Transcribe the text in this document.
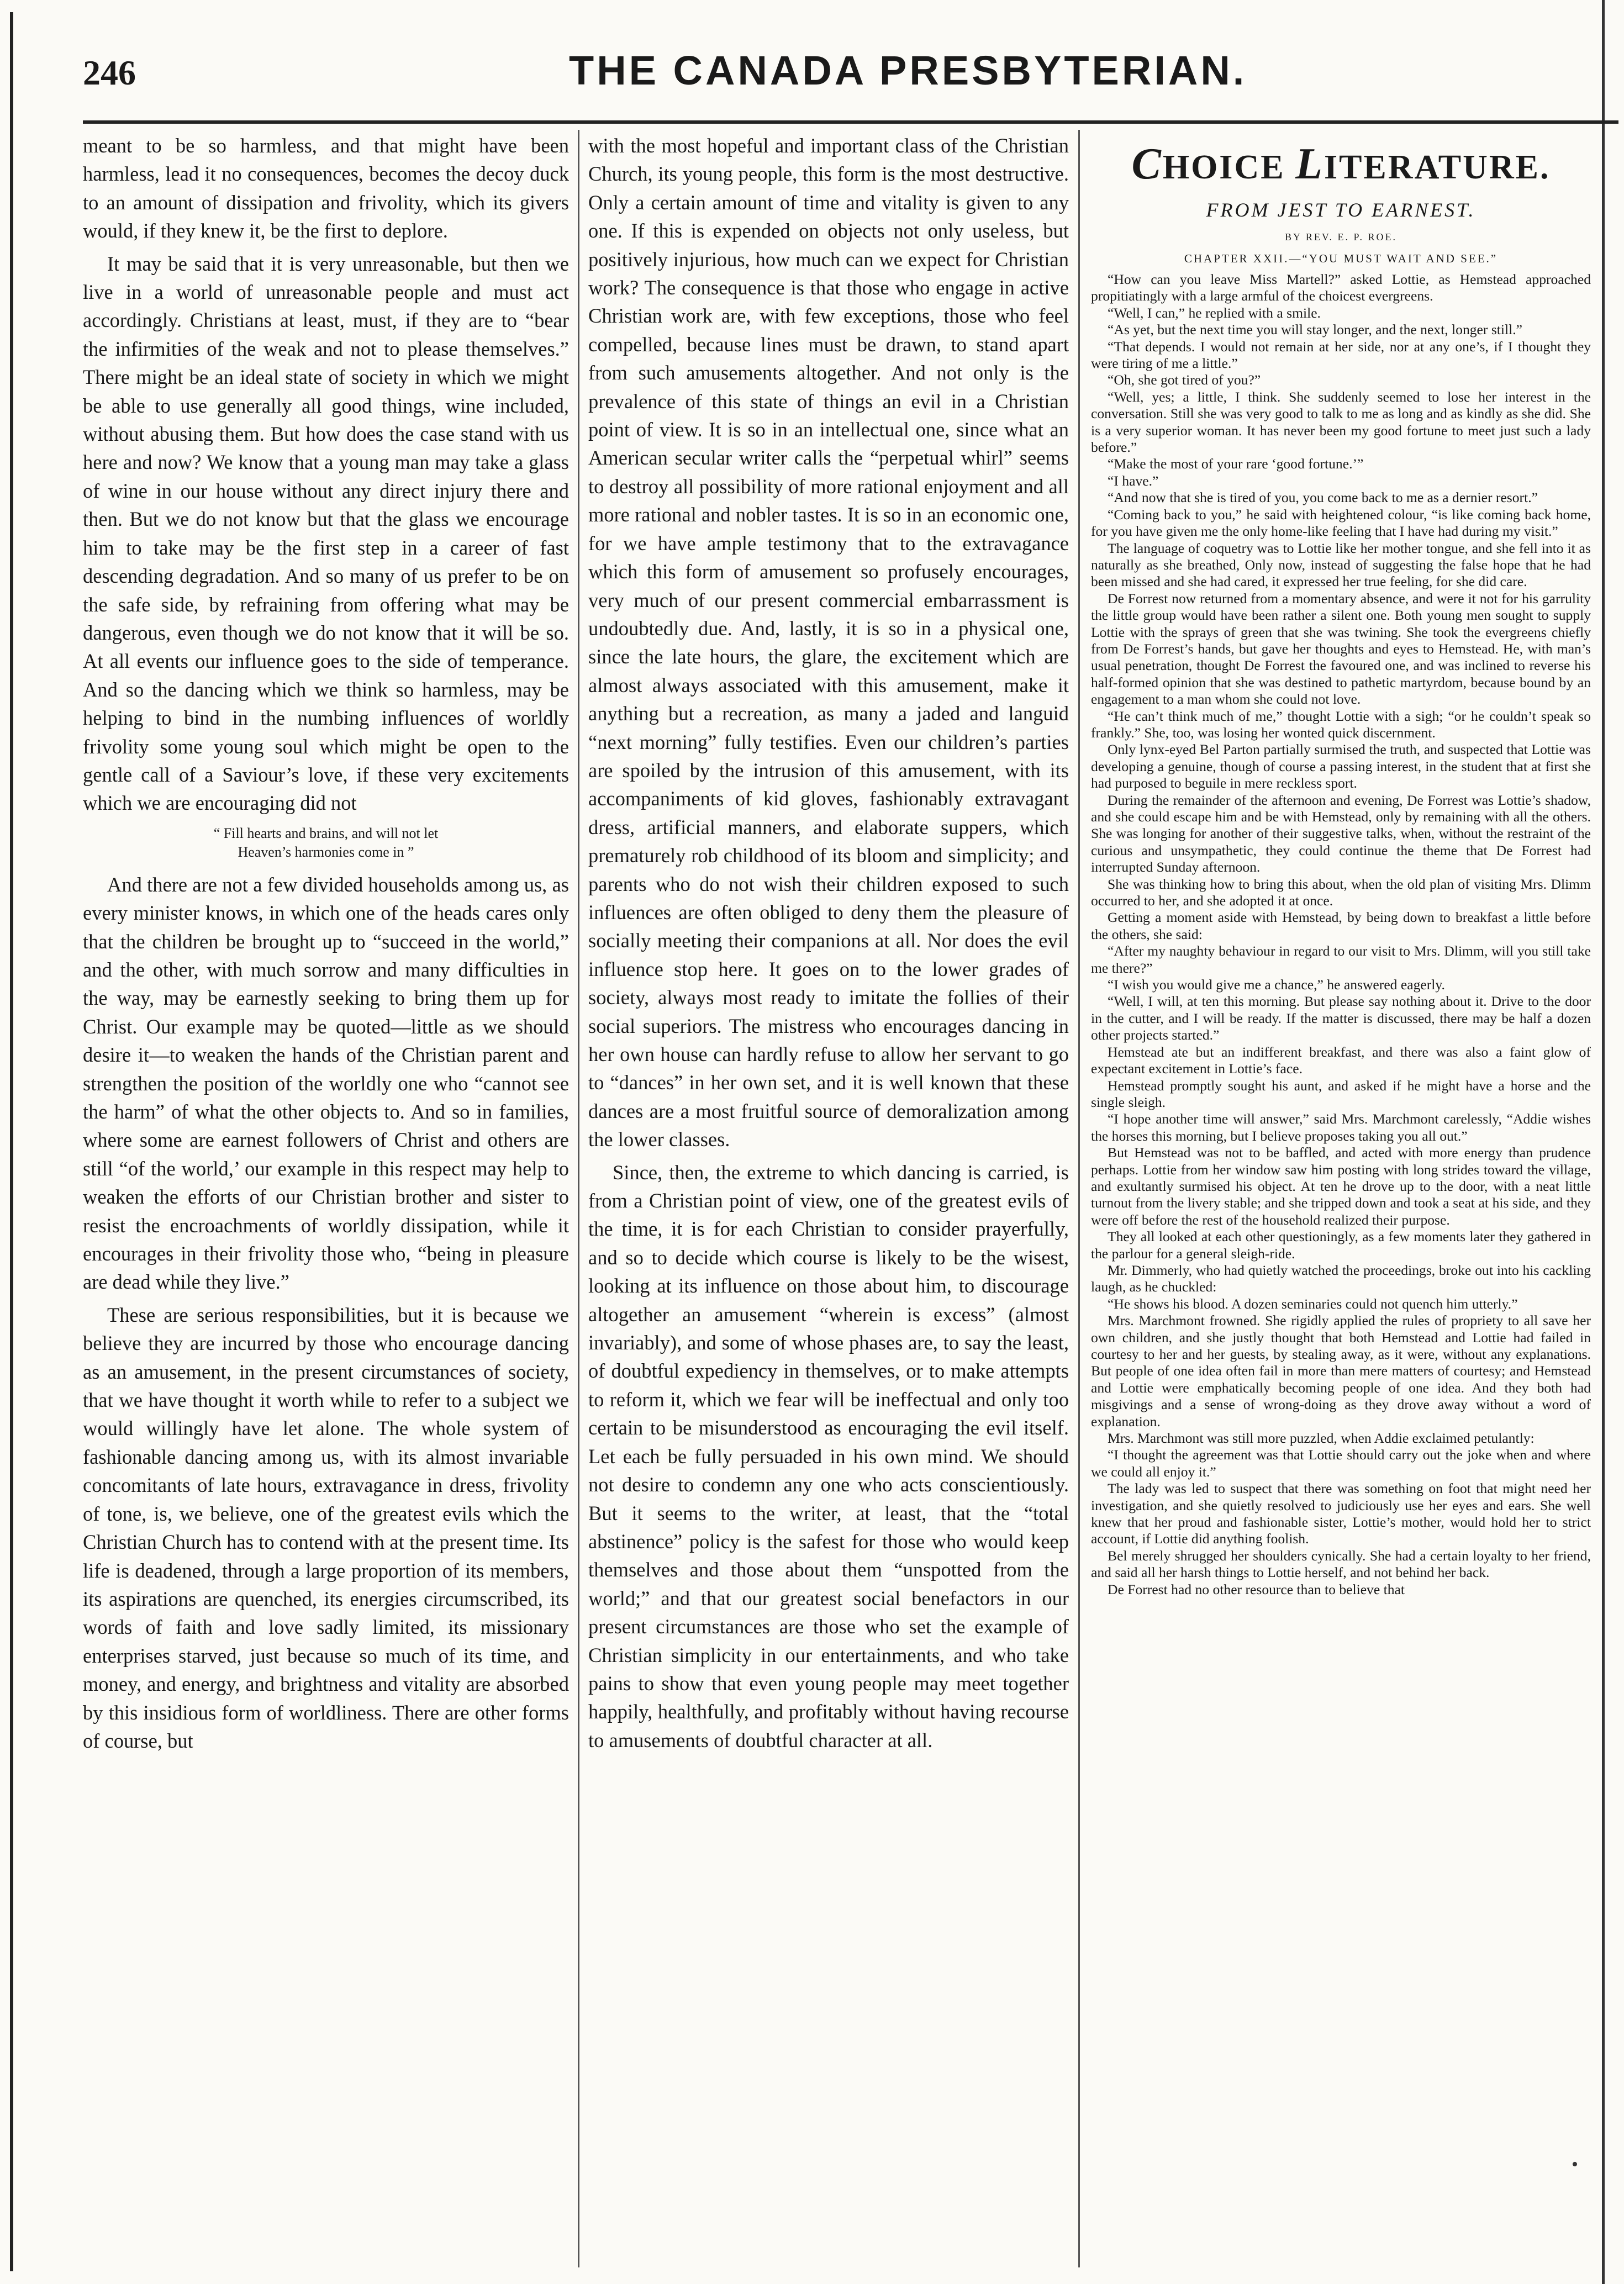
246	THE CANADA PRESBYTERIAN.

meant to be so harmless, and that might have been harmless, lead it no consequences, becomes the decoy duck to an amount of dissipation and frivolity, which its givers would, if they knew it, be the first to deplore.

It may be said that it is very unreasonable, but then we live in a world of unreasonable people and must act accordingly. Christians at least, must, if they are to “bear the infirmities of the weak and not to please themselves.” There might be an ideal state of society in which we might be able to use generally all good things, wine included, without abusing them. But how does the case stand with us here and now? We know that a young man may take a glass of wine in our house without any direct injury there and then. But we do not know but that the glass we encourage him to take may be the first step in a career of fast descending degradation. And so many of us prefer to be on the safe side, by refraining from offering what may be dangerous, even though we do not know that it will be so. At all events our influence goes to the side of temperance. And so the dancing which we think so harmless, may be helping to bind in the numbing influences of worldly frivolity some young soul which might be open to the gentle call of a Saviour’s love, if these very excitements which we are encouraging did not

“ Fill hearts and brains, and will not let
Heaven’s harmonies come in ”

And there are not a few divided households among us, as every minister knows, in which one of the heads cares only that the children be brought up to “succeed in the world,” and the other, with much sorrow and many difficulties in the way, may be earnestly seeking to bring them up for Christ. Our example may be quoted—little as we should desire it—to weaken the hands of the Christian parent and strengthen the position of the worldly one who “cannot see the harm” of what the other objects to. And so in families, where some are earnest followers of Christ and others are still “of the world,’ our example in this respect may help to weaken the efforts of our Christian brother and sister to resist the encroachments of worldly dissipation, while it encourages in their frivolity those who, “being in pleasure are dead while they live.”

These are serious responsibilities, but it is because we believe they are incurred by those who encourage dancing as an amusement, in the present circumstances of society, that we have thought it worth while to refer to a subject we would willingly have let alone. The whole system of fashionable dancing among us, with its almost invariable concomitants of late hours, extravagance in dress, frivolity of tone, is, we believe, one of the greatest evils which the Christian Church has to contend with at the present time. Its life is deadened, through a large proportion of its members, its aspirations are quenched, its energies circumscribed, its words of faith and love sadly limited, its missionary enterprises starved, just because so much of its time, and money, and energy, and brightness and vitality are absorbed by this insidious form of worldliness. There are other forms of course, but

with the most hopeful and important class of the Christian Church, its young people, this form is the most destructive. Only a certain amount of time and vitality is given to any one. If this is expended on objects not only useless, but positively injurious, how much can we expect for Christian work? The consequence is that those who engage in active Christian work are, with few exceptions, those who feel compelled, because lines must be drawn, to stand apart from such amusements altogether. And not only is the prevalence of this state of things an evil in a Christian point of view. It is so in an intellectual one, since what an American secular writer calls the “perpetual whirl” seems to destroy all possibility of more rational enjoyment and all more rational and nobler tastes. It is so in an economic one, for we have ample testimony that to the extravagance which this form of amusement so profusely encourages, very much of our present commercial embarrassment is undoubtedly due. And, lastly, it is so in a physical one, since the late hours, the glare, the excitement which are almost always associated with this amusement, make it anything but a recreation, as many a jaded and languid “next morning” fully testifies. Even our children’s parties are spoiled by the intrusion of this amusement, with its accompaniments of kid gloves, fashionably extravagant dress, artificial manners, and elaborate suppers, which prematurely rob childhood of its bloom and simplicity; and parents who do not wish their children exposed to such influences are often obliged to deny them the pleasure of socially meeting their companions at all. Nor does the evil influence stop here. It goes on to the lower grades of society, always most ready to imitate the follies of their social superiors. The mistress who encourages dancing in her own house can hardly refuse to allow her servant to go to “dances” in her own set, and it is well known that these dances are a most fruitful source of demoralization among the lower classes.

Since, then, the extreme to which dancing is carried, is from a Christian point of view, one of the greatest evils of the time, it is for each Christian to consider prayerfully, and so to decide which course is likely to be the wisest, looking at its influence on those about him, to discourage altogether an amusement “wherein is excess” (almost invariably), and some of whose phases are, to say the least, of doubtful expediency in themselves, or to make attempts to reform it, which we fear will be ineffectual and only too certain to be misunderstood as encouraging the evil itself. Let each be fully persuaded in his own mind. We should not desire to condemn any one who acts conscientiously. But it seems to the writer, at least, that the “total abstinence” policy is the safest for those who would keep themselves and those about them “unspotted from the world;” and that our greatest social benefactors in our present circumstances are those who set the example of Christian simplicity in our entertainments, and who take pains to show that even young people may meet together happily, healthfully, and profitably without having recourse to amusements of doubtful character at all.

CHOICE LITERATURE.
FROM JEST TO EARNEST.
BY REV. E. P. ROE.
CHAPTER XXII.—“YOU MUST WAIT AND SEE.”

“How can you leave Miss Martell?” asked Lottie, as Hemstead approached propitiatingly with a large armful of the choicest evergreens.

“Well, I can,” he replied with a smile.

“As yet, but the next time you will stay longer, and the next, longer still.”

“That depends. I would not remain at her side, nor at any one’s, if I thought they were tiring of me a little.”

“Oh, she got tired of you?”

“Well, yes; a little, I think. She suddenly seemed to lose her interest in the conversation. Still she was very good to talk to me as long and as kindly as she did. She is a very superior woman. It has never been my good fortune to meet just such a lady before.”

“Make the most of your rare ‘good fortune.’”

“I have.”

“And now that she is tired of you, you come back to me as a dernier resort.”

“Coming back to you,” he said with heightened colour, “is like coming back home, for you have given me the only home-like feeling that I have had during my visit.”

The language of coquetry was to Lottie like her mother tongue, and she fell into it as naturally as she breathed, Only now, instead of suggesting the false hope that he had been missed and she had cared, it expressed her true feeling, for she did care.

De Forrest now returned from a momentary absence, and were it not for his garrulity the little group would have been rather a silent one. Both young men sought to supply Lottie with the sprays of green that she was twining. She took the evergreens chiefly from De Forrest’s hands, but gave her thoughts and eyes to Hemstead. He, with man’s usual penetration, thought De Forrest the favoured one, and was inclined to reverse his half-formed opinion that she was destined to pathetic martyrdom, because bound by an engagement to a man whom she could not love.

“He can’t think much of me,” thought Lottie with a sigh; “or he couldn’t speak so frankly.” She, too, was losing her wonted quick discernment.

Only lynx-eyed Bel Parton partially surmised the truth, and suspected that Lottie was developing a genuine, though of course a passing interest, in the student that at first she had purposed to beguile in mere reckless sport.

During the remainder of the afternoon and evening, De Forrest was Lottie’s shadow, and she could escape him and be with Hemstead, only by remaining with all the others. She was longing for another of their suggestive talks, when, without the restraint of the curious and unsympathetic, they could continue the theme that De Forrest had interrupted Sunday afternoon.

She was thinking how to bring this about, when the old plan of visiting Mrs. Dlimm occurred to her, and she adopted it at once.

Getting a moment aside with Hemstead, by being down to breakfast a little before the others, she said:

“After my naughty behaviour in regard to our visit to Mrs. Dlimm, will you still take me there?”

“I wish you would give me a chance,” he answered eagerly.

“Well, I will, at ten this morning. But please say nothing about it. Drive to the door in the cutter, and I will be ready. If the matter is discussed, there may be half a dozen other projects started.”

Hemstead ate but an indifferent breakfast, and there was also a faint glow of expectant excitement in Lottie’s face.

Hemstead promptly sought his aunt, and asked if he might have a horse and the single sleigh.

“I hope another time will answer,” said Mrs. Marchmont carelessly, “Addie wishes the horses this morning, but I believe proposes taking you all out.”

But Hemstead was not to be baffled, and acted with more energy than prudence perhaps. Lottie from her window saw him posting with long strides toward the village, and exultantly surmised his object. At ten he drove up to the door, with a neat little turnout from the livery stable; and she tripped down and took a seat at his side, and they were off before the rest of the household realized their purpose.

They all looked at each other questioningly, as a few moments later they gathered in the parlour for a general sleigh-ride.

Mr. Dimmerly, who had quietly watched the proceedings, broke out into his cackling laugh, as he chuckled:

“He shows his blood. A dozen seminaries could not quench him utterly.”

Mrs. Marchmont frowned. She rigidly applied the rules of propriety to all save her own children, and she justly thought that both Hemstead and Lottie had failed in courtesy to her and her guests, by stealing away, as it were, without any explanations. But people of one idea often fail in more than mere matters of courtesy; and Hemstead and Lottie were emphatically becoming people of one idea. And they both had misgivings and a sense of wrong-doing as they drove away without a word of explanation.

Mrs. Marchmont was still more puzzled, when Addie exclaimed petulantly:

“I thought the agreement was that Lottie should carry out the joke when and where we could all enjoy it.”

The lady was led to suspect that there was something on foot that might need her investigation, and she quietly resolved to judiciously use her eyes and ears. She well knew that her proud and fashionable sister, Lottie’s mother, would hold her to strict account, if Lottie did anything foolish.

Bel merely shrugged her shoulders cynically. She had a certain loyalty to her friend, and said all her harsh things to Lottie herself, and not behind her back.

De Forrest had no other resource than to believe that

•
